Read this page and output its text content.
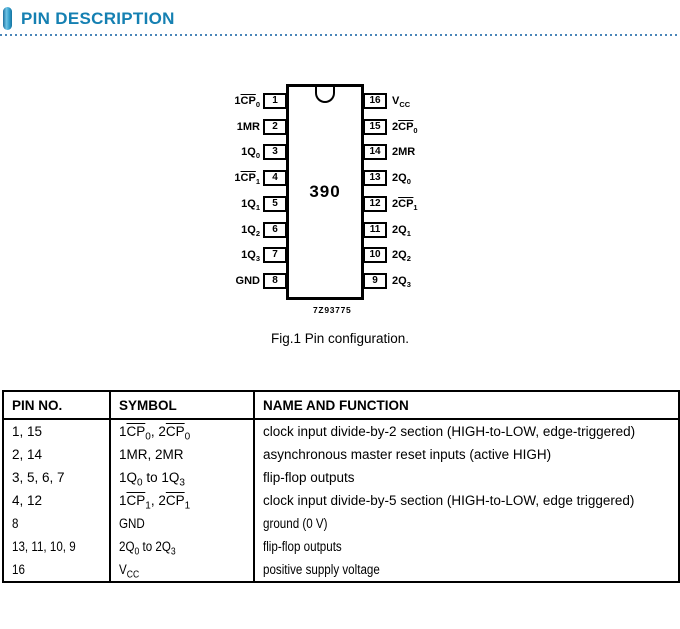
PIN DESCRIPTION
390
$1\overline{CP}_0$	1
1MR	2
$1Q_0$	3
$1\overline{CP}_1$	4
$1Q_1$	5
$1Q_2$	6
$1Q_3$	7
GND	8
$V_{CC}$
16
$2\overline{CP}_0$
15
2MR
14
$2Q_0$
13
$2\overline{CP}_1$
12
$2Q_1$
11
$2Q_2$
10
$2Q_3$
9
7Z93775
Fig.1 Pin configuration.
PIN NO.	SYMBOL	NAME AND FUNCTION
1, 15	$1\overline{CP}_0$, $2\overline{CP}_0$	clock input divide-by-2 section (HIGH-to-LOW, edge-triggered)
2, 14	1MR, 2MR	asynchronous master reset inputs (active HIGH)
3, 5, 6, 7	$1Q_0$ to $1Q_3$	flip-flop outputs
4, 12	$1\overline{CP}_1$, $2\overline{CP}_1$	clock input divide-by-5 section (HIGH-to-LOW, edge triggered)
8	GND	ground (0 V)
13, 11, 10, 9	$2Q_0$ to $2Q_3$	flip-flop outputs
16	$V_{CC}$	positive supply voltage
